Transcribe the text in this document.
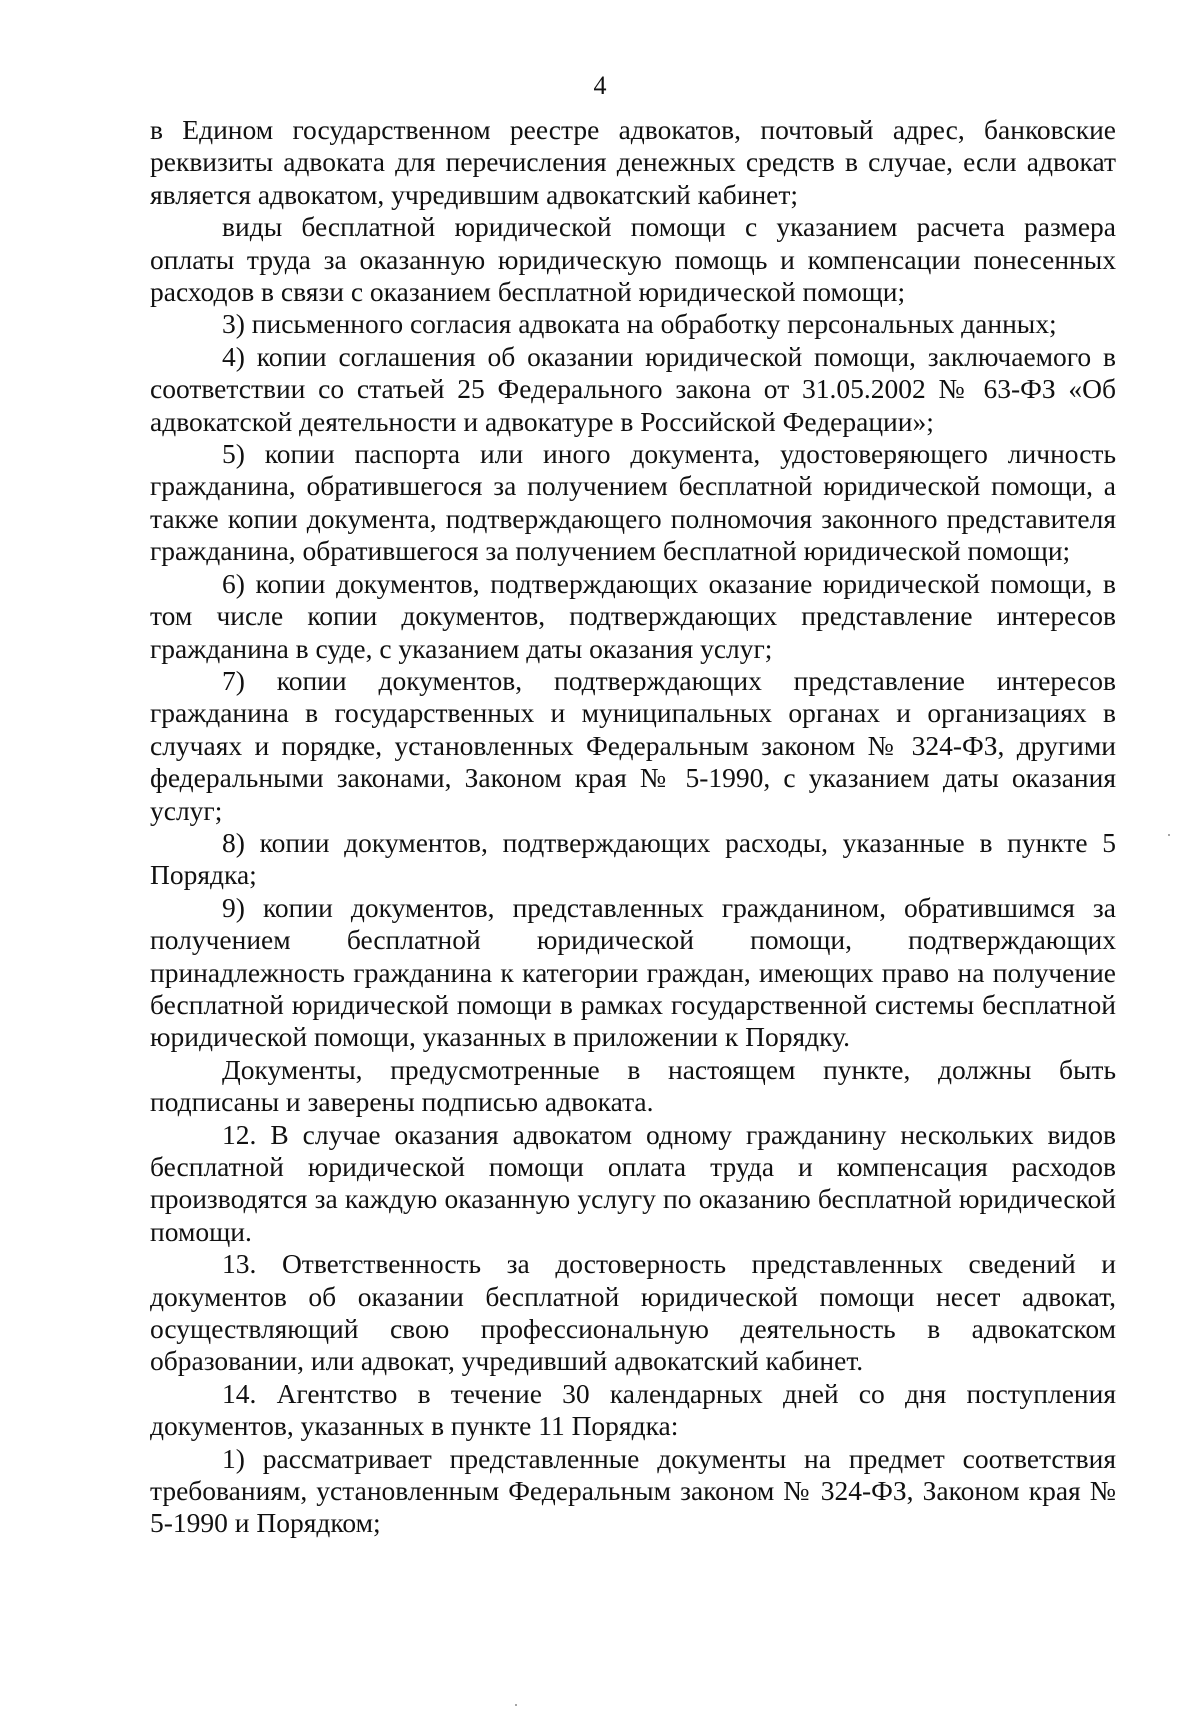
4

в Едином государственном реестре адвокатов, почтовый адрес, банковские реквизиты адвоката для перечисления денежных средств в случае, если адвокат является адвокатом, учредившим адвокатский кабинет;

виды бесплатной юридической помощи с указанием расчета размера оплаты труда за оказанную юридическую помощь и компенсации понесенных расходов в связи с оказанием бесплатной юридической помощи;

3) письменного согласия адвоката на обработку персональных данных;

4) копии соглашения об оказании юридической помощи, заключаемого в соответствии со статьей 25 Федерального закона от 31.05.2002 № 63-ФЗ «Об адвокатской деятельности и адвокатуре в Российской Федерации»;

5) копии паспорта или иного документа, удостоверяющего личность гражданина, обратившегося за получением бесплатной юридической помощи, а также копии документа, подтверждающего полномочия законного представителя гражданина, обратившегося за получением бесплатной юридической помощи;

6) копии документов, подтверждающих оказание юридической помощи, в том числе копии документов, подтверждающих представление интересов гражданина в суде, с указанием даты оказания услуг;

7) копии документов, подтверждающих представление интересов гражданина в государственных и муниципальных органах и организациях в случаях и порядке, установленных Федеральным законом № 324-ФЗ, другими федеральными законами, Законом края № 5-1990, с указанием даты оказания услуг;

8) копии документов, подтверждающих расходы, указанные в пункте 5 Порядка;

9) копии документов, представленных гражданином, обратившимся за получением бесплатной юридической помощи, подтверждающих принадлежность гражданина к категории граждан, имеющих право на получение бесплатной юридической помощи в рамках государственной системы бесплатной юридической помощи, указанных в приложении к Порядку.

Документы, предусмотренные в настоящем пункте, должны быть подписаны и заверены подписью адвоката.

12. В случае оказания адвокатом одному гражданину нескольких видов бесплатной юридической помощи оплата труда и компенсация расходов производятся за каждую оказанную услугу по оказанию бесплатной юридической помощи.

13. Ответственность за достоверность представленных сведений и документов об оказании бесплатной юридической помощи несет адвокат, осуществляющий свою профессиональную деятельность в адвокатском образовании, или адвокат, учредивший адвокатский кабинет.

14. Агентство в течение 30 календарных дней со дня поступления документов, указанных в пункте 11 Порядка:

1) рассматривает представленные документы на предмет соответствия требованиям, установленным Федеральным законом № 324-ФЗ, Законом края № 5-1990 и Порядком;
